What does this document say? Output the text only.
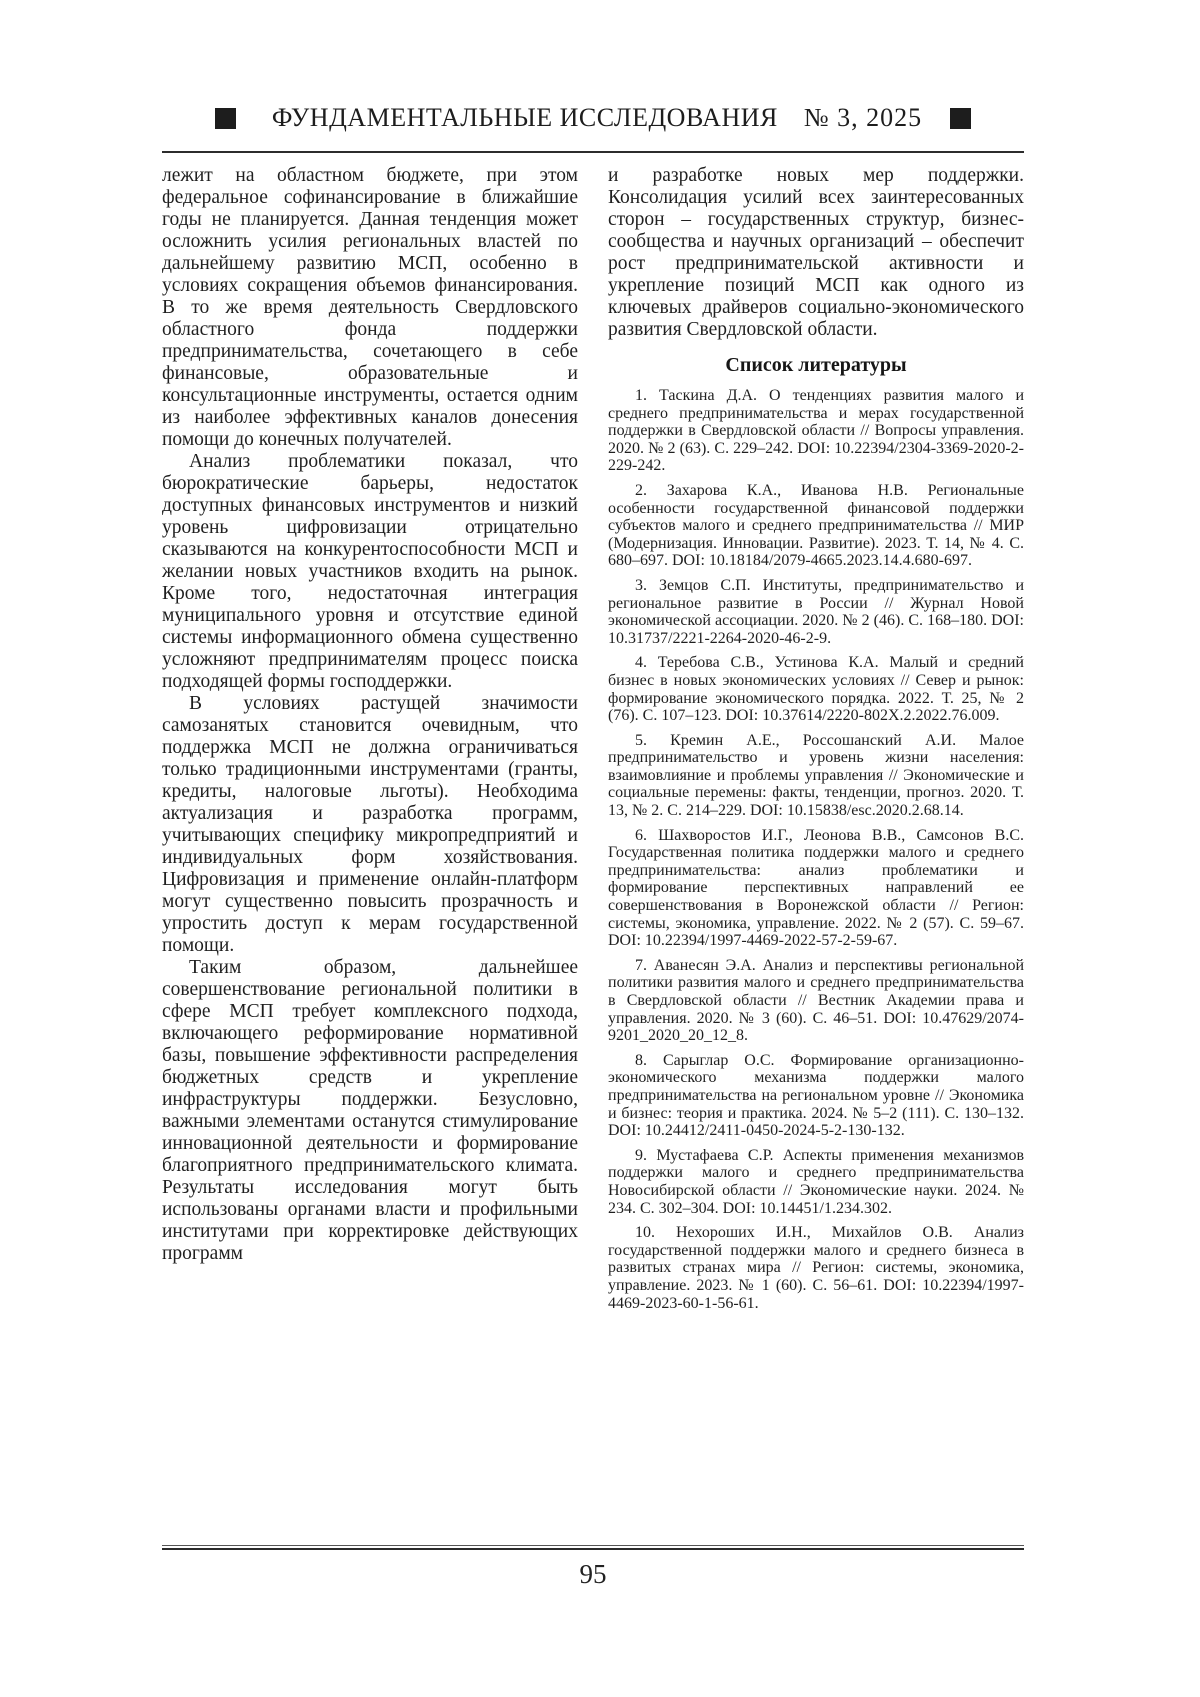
ФУНДАМЕНТАЛЬНЫЕ ИССЛЕДОВАНИЯ № 3, 2025

лежит на областном бюджете, при этом федеральное софинансирование в ближайшие годы не планируется. Данная тенденция может осложнить усилия региональных властей по дальнейшему развитию МСП, особенно в условиях сокращения объемов финансирования. В то же время деятельность Свердловского областного фонда поддержки предпринимательства, сочетающего в себе финансовые, образовательные и консультационные инструменты, остается одним из наиболее эффективных каналов донесения помощи до конечных получателей.

Анализ проблематики показал, что бюрократические барьеры, недостаток доступных финансовых инструментов и низкий уровень цифровизации отрицательно сказываются на конкурентоспособности МСП и желании новых участников входить на рынок. Кроме того, недостаточная интеграция муниципального уровня и отсутствие единой системы информационного обмена существенно усложняют предпринимателям процесс поиска подходящей формы господдержки.

В условиях растущей значимости самозанятых становится очевидным, что поддержка МСП не должна ограничиваться только традиционными инструментами (гранты, кредиты, налоговые льготы). Необходима актуализация и разработка программ, учитывающих специфику микропредприятий и индивидуальных форм хозяйствования. Цифровизация и применение онлайн-платформ могут существенно повысить прозрачность и упростить доступ к мерам государственной помощи.

Таким образом, дальнейшее совершенствование региональной политики в сфере МСП требует комплексного подхода, включающего реформирование нормативной базы, повышение эффективности распределения бюджетных средств и укрепление инфраструктуры поддержки. Безусловно, важными элементами останутся стимулирование инновационной деятельности и формирование благоприятного предпринимательского климата. Результаты исследования могут быть использованы органами власти и профильными институтами при корректировке действующих программ

и разработке новых мер поддержки. Консолидация усилий всех заинтересованных сторон – государственных структур, бизнес-сообщества и научных организаций – обеспечит рост предпринимательской активности и укрепление позиций МСП как одного из ключевых драйверов социально-экономического развития Свердловской области.

Список литературы

1. Таскина Д.А. О тенденциях развития малого и среднего предпринимательства и мерах государственной поддержки в Свердловской области // Вопросы управления. 2020. № 2 (63). С. 229–242. DOI: 10.22394/2304-3369-2020-2-229-242.

2. Захарова К.А., Иванова Н.В. Региональные особенности государственной финансовой поддержки субъектов малого и среднего предпринимательства // МИР (Модернизация. Инновации. Развитие). 2023. Т. 14, № 4. С. 680–697. DOI: 10.18184/2079-4665.2023.14.4.680-697.

3. Земцов С.П. Институты, предпринимательство и региональное развитие в России // Журнал Новой экономической ассоциации. 2020. № 2 (46). С. 168–180. DOI: 10.31737/2221-2264-2020-46-2-9.

4. Теребова С.В., Устинова К.А. Малый и средний бизнес в новых экономических условиях // Север и рынок: формирование экономического порядка. 2022. Т. 25, № 2 (76). С. 107–123. DOI: 10.37614/2220-802X.2.2022.76.009.

5. Кремин А.Е., Россошанский А.И. Малое предпринимательство и уровень жизни населения: взаимовлияние и проблемы управления // Экономические и социальные перемены: факты, тенденции, прогноз. 2020. Т. 13, № 2. С. 214–229. DOI: 10.15838/esc.2020.2.68.14.

6. Шахворостов И.Г., Леонова В.В., Самсонов В.С. Государственная политика поддержки малого и среднего предпринимательства: анализ проблематики и формирование перспективных направлений ее совершенствования в Воронежской области // Регион: системы, экономика, управление. 2022. № 2 (57). С. 59–67. DOI: 10.22394/1997-4469-2022-57-2-59-67.

7. Аванесян Э.А. Анализ и перспективы региональной политики развития малого и среднего предпринимательства в Свердловской области // Вестник Академии права и управления. 2020. № 3 (60). С. 46–51. DOI: 10.47629/2074-9201_2020_20_12_8.

8. Сарыглар О.С. Формирование организационно-экономического механизма поддержки малого предпринимательства на региональном уровне // Экономика и бизнес: теория и практика. 2024. № 5–2 (111). С. 130–132. DOI: 10.24412/2411-0450-2024-5-2-130-132.

9. Мустафаева С.Р. Аспекты применения механизмов поддержки малого и среднего предпринимательства Новосибирской области // Экономические науки. 2024. № 234. С. 302–304. DOI: 10.14451/1.234.302.

10. Нехороших И.Н., Михайлов О.В. Анализ государственной поддержки малого и среднего бизнеса в развитых странах мира // Регион: системы, экономика, управление. 2023. № 1 (60). С. 56–61. DOI: 10.22394/1997-4469-2023-60-1-56-61.

95
